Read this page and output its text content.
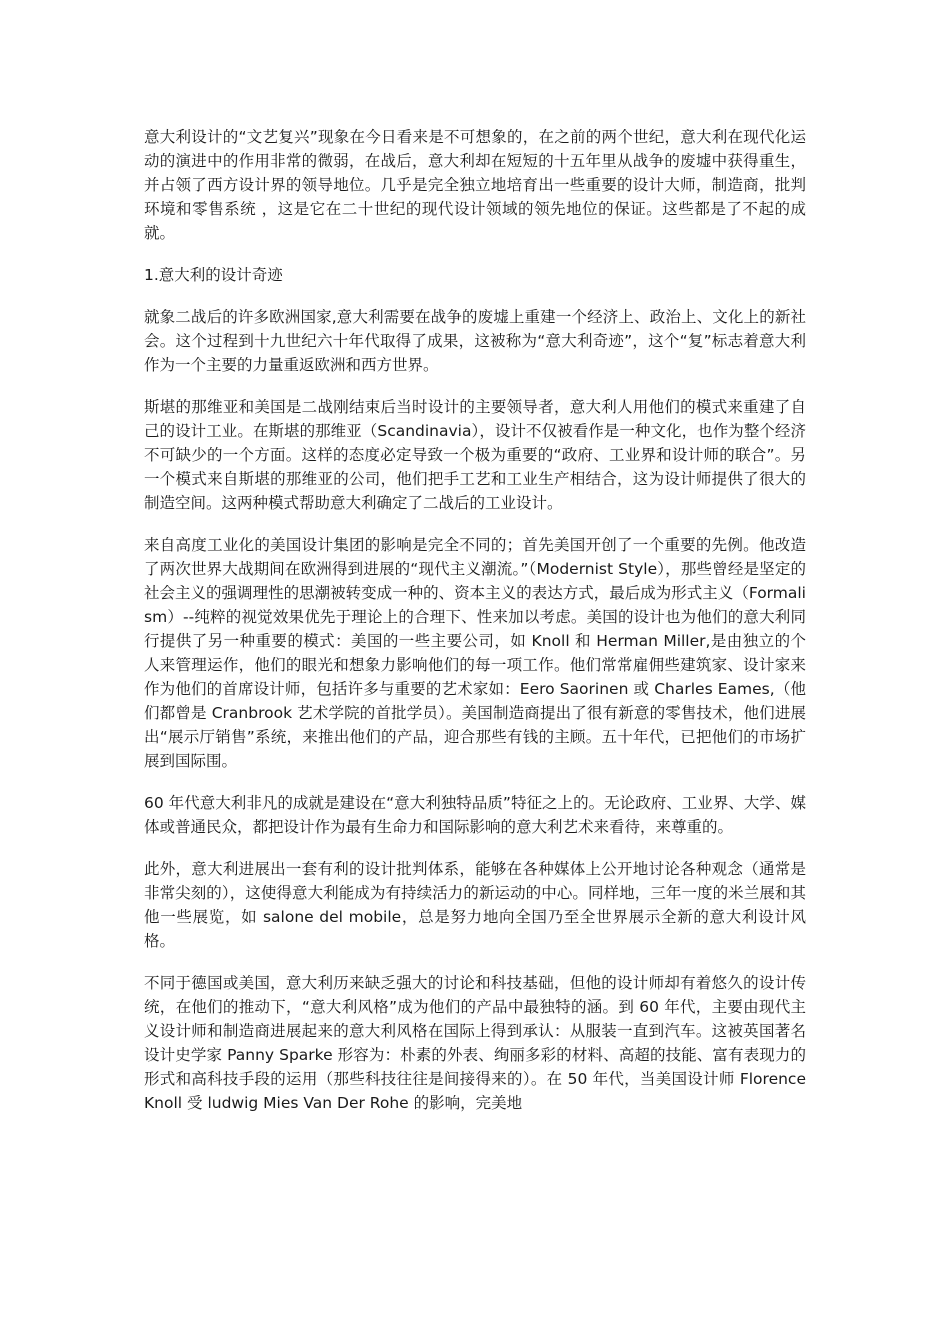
意大利设计的“文艺复兴”现象在今日看来是不可想象的，在之前的两个世纪，意大利在现代化运动的演进中的作用非常的微弱，在战后，意大利却在短短的十五年里从战争的废墟中获得重生，并占领了西方设计界的领导地位。几乎是完全独立地培育出一些重要的设计大师，制造商，批判环境和零售系统 ，这是它在二十世纪的现代设计领域的领先地位的保证。这些都是了不起的成就。

1.意大利的设计奇迹

就象二战后的许多欧洲国家,意大利需要在战争的废墟上重建一个经济上、政治上、文化上的新社会。这个过程到十九世纪六十年代取得了成果，这被称为“意大利奇迹”，这个“复”标志着意大利作为一个主要的力量重返欧洲和西方世界。

斯堪的那维亚和美国是二战刚结束后当时设计的主要领导者，意大利人用他们的模式来重建了自己的设计工业。在斯堪的那维亚（Scandinavia），设计不仅被看作是一种文化，也作为整个经济不可缺少的一个方面。这样的态度必定导致一个极为重要的“政府、工业界和设计师的联合”。另一个模式来自斯堪的那维亚的公司，他们把手工艺和工业生产相结合，这为设计师提供了很大的制造空间。这两种模式帮助意大利确定了二战后的工业设计。

来自高度工业化的美国设计集团的影响是完全不同的；首先美国开创了一个重要的先例。他改造了两次世界大战期间在欧洲得到进展的“现代主义潮流。”（Modernist Style），那些曾经是坚定的社会主义的强调理性的思潮被转变成一种的、资本主义的表达方式，最后成为形式主义（Formalism）--纯粹的视觉效果优先于理论上的合理下、性来加以考虑。美国的设计也为他们的意大利同行提供了另一种重要的模式：美国的一些主要公司，如 Knoll 和 Herman Miller,是由独立的个人来管理运作，他们的眼光和想象力影响他们的每一项工作。他们常常雇佣些建筑家、设计家来作为他们的首席设计师，包括许多与重要的艺术家如：Eero Saorinen 或 Charles Eames,（他们都曾是 Cranbrook 艺术学院的首批学员）。美国制造商提出了很有新意的零售技术，他们进展出“展示厅销售”系统，来推出他们的产品，迎合那些有钱的主顾。五十年代，已把他们的市场扩展到国际围。

60 年代意大利非凡的成就是建设在“意大利独特品质”特征之上的。无论政府、工业界、大学、媒体或普通民众，都把设计作为最有生命力和国际影响的意大利艺术来看待，来尊重的。

此外，意大利进展出一套有利的设计批判体系，能够在各种媒体上公开地讨论各种观念（通常是非常尖刻的），这使得意大利能成为有持续活力的新运动的中心。同样地，三年一度的米兰展和其他一些展览，如 salone del mobile，总是努力地向全国乃至全世界展示全新的意大利设计风格。

不同于德国或美国，意大利历来缺乏强大的讨论和科技基础，但他的设计师却有着悠久的设计传统，在他们的推动下，“意大利风格”成为他们的产品中最独特的涵。到 60 年代，主要由现代主义设计师和制造商进展起来的意大利风格在国际上得到承认：从服装一直到汽车。这被英国著名设计史学家 Panny Sparke 形容为：朴素的外表、绚丽多彩的材料、高超的技能、富有表现力的形式和高科技手段的运用（那些科技往往是间接得来的）。在 50 年代，当美国设计师 Florence Knoll 受 ludwig Mies Van Der Rohe 的影响，完美地
